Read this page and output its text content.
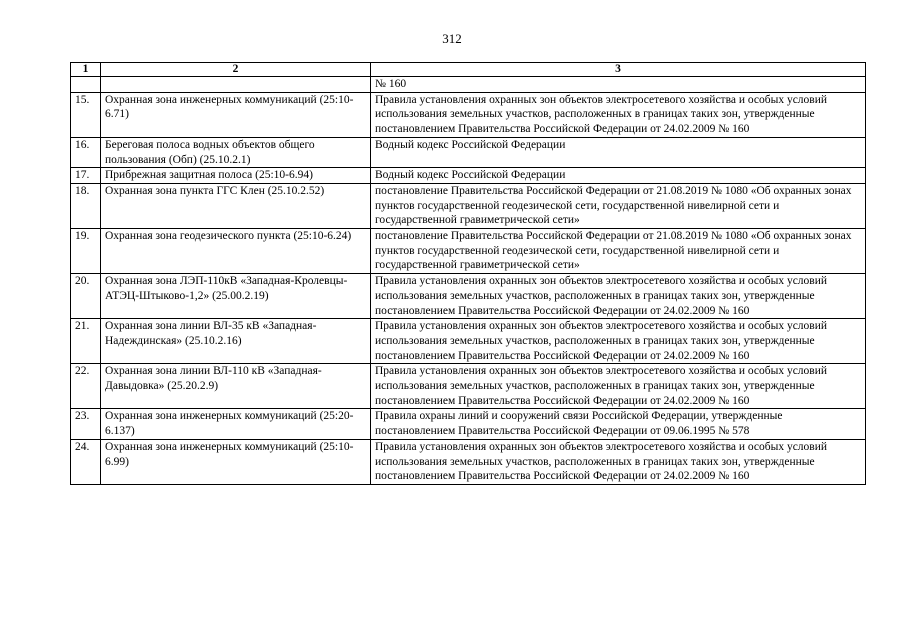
312
1	2	3
		№ 160
15.	Охранная зона инженерных коммуникаций (25:10-6.71)	Правила установления охранных зон объектов электросетевого хозяйства и особых условий использования земельных участков, расположенных в границах таких зон, утвержденные постановлением Правительства Российской Федерации от 24.02.2009 № 160
16.	Береговая полоса водных объектов общего пользования (Обп) (25.10.2.1)	Водный кодекс Российской Федерации
17.	Прибрежная защитная полоса (25:10-6.94)	Водный кодекс Российской Федерации
18.	Охранная зона пункта ГГС Клен (25.10.2.52)	постановление Правительства Российской Федерации от 21.08.2019 № 1080 «Об охранных зонах пунктов государственной геодезической сети, государственной нивелирной сети и государственной гравиметрической сети»
19.	Охранная зона геодезического пункта (25:10-6.24)	постановление Правительства Российской Федерации от 21.08.2019 № 1080 «Об охранных зонах пунктов государственной геодезической сети, государственной нивелирной сети и государственной гравиметрической сети»
20.	Охранная зона ЛЭП-110кВ «Западная-Кролевцы-АТЭЦ-Штыково-1,2» (25.00.2.19)	Правила установления охранных зон объектов электросетевого хозяйства и особых условий использования земельных участков, расположенных в границах таких зон, утвержденные постановлением Правительства Российской Федерации от 24.02.2009 № 160
21.	Охранная зона линии ВЛ-35 кВ «Западная-Надеждинская» (25.10.2.16)	Правила установления охранных зон объектов электросетевого хозяйства и особых условий использования земельных участков, расположенных в границах таких зон, утвержденные постановлением Правительства Российской Федерации от 24.02.2009 № 160
22.	Охранная зона линии ВЛ-110 кВ «Западная-Давыдовка» (25.20.2.9)	Правила установления охранных зон объектов электросетевого хозяйства и особых условий использования земельных участков, расположенных в границах таких зон, утвержденные постановлением Правительства Российской Федерации от 24.02.2009 № 160
23.	Охранная зона инженерных коммуникаций (25:20-6.137)	Правила охраны линий и сооружений связи Российской Федерации, утвержденные постановлением Правительства Российской Федерации от 09.06.1995 № 578
24.	Охранная зона инженерных коммуникаций (25:10-6.99)	Правила установления охранных зон объектов электросетевого хозяйства и особых условий использования земельных участков, расположенных в границах таких зон, утвержденные постановлением Правительства Российской Федерации от 24.02.2009 № 160
